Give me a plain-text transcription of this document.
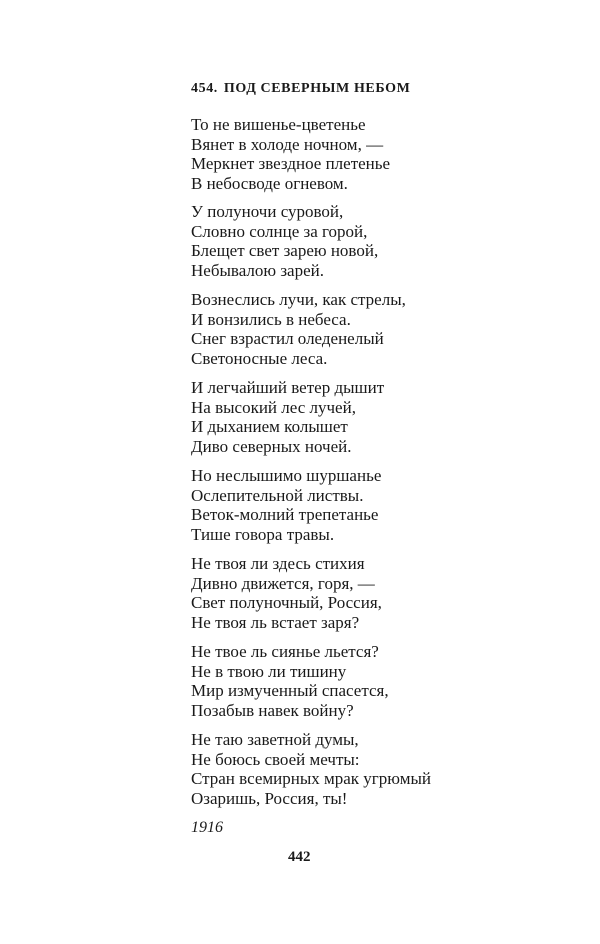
454. ПОД СЕВЕРНЫМ НЕБОМ
То не вишенье-цветенье
Вянет в холоде ночном, —
Меркнет звездное плетенье
В небосводе огневом.
У полуночи суровой,
Словно солнце за горой,
Блещет свет зарею новой,
Небывалою зарей.
Вознеслись лучи, как стрелы,
И вонзились в небеса.
Снег взрастил оледенелый
Светоносные леса.
И легчайший ветер дышит
На высокий лес лучей,
И дыханием колышет
Диво северных ночей.
Но неслышимо шуршанье
Ослепительной листвы.
Веток-молний трепетанье
Тише говора травы.
Не твоя ли здесь стихия
Дивно движется, горя, —
Свет полуночный, Россия,
Не твоя ль встает заря?
Не твое ль сиянье льется?
Не в твою ли тишину
Мир измученный спасется,
Позабыв навек войну?
Не таю заветной думы,
Не боюсь своей мечты:
Стран всемирных мрак угрюмый
Озаришь, Россия, ты!
1916
442
